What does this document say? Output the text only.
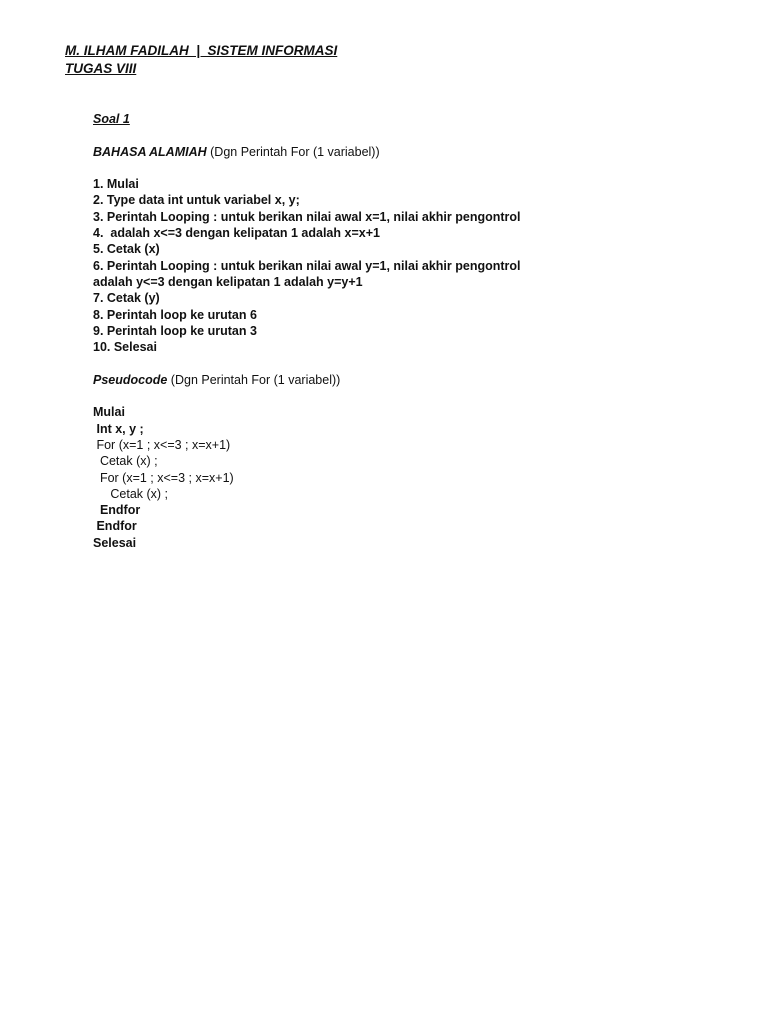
M. ILHAM FADILAH  |  SISTEM INFORMASI
TUGAS VIII
Soal 1
BAHASA ALAMIAH (Dgn Perintah For (1 variabel))
1. Mulai
2. Type data int untuk variabel x, y;
3. Perintah Looping : untuk berikan nilai awal x=1, nilai akhir pengontrol
4.  adalah x<=3 dengan kelipatan 1 adalah x=x+1
5. Cetak (x)
6. Perintah Looping : untuk berikan nilai awal y=1, nilai akhir pengontrol
adalah y<=3 dengan kelipatan 1 adalah y=y+1
7. Cetak (y)
8. Perintah loop ke urutan 6
9. Perintah loop ke urutan 3
10. Selesai
Pseudocode (Dgn Perintah For (1 variabel))
Mulai
Int x, y ;
For (x=1 ; x<=3 ; x=x+1)
Cetak (x) ;
For (x=1 ; x<=3 ; x=x+1)
Cetak (x) ;
Endfor
Endfor
Selesai
